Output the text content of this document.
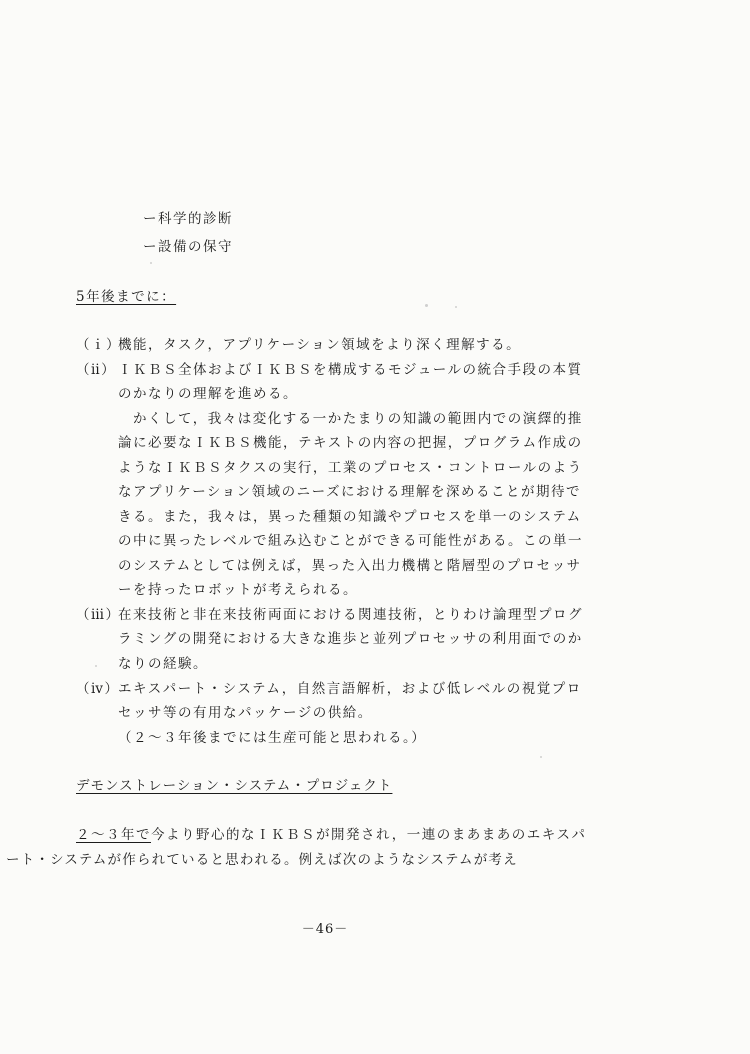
ー科学的診断
ー設備の保守
5年後までに：
（ｉ）
機能，タスク，アプリケーション領域をより深く理解する。
（ⅱ） ＩＫＢＳ全体およびＩＫＢＳを構成するモジュールの統合手段の本質
のかなりの理解を進める。
　かくして，我々は変化する一かたまりの知識の範囲内での演繹的推
論に必要なＩＫＢＳ機能，テキストの内容の把握，プログラム作成の
ようなＩＫＢＳタクスの実行，工業のプロセス・コントロールのよう
なアプリケーション領域のニーズにおける理解を深めることが期待で
きる。また，我々は，異った種類の知識やプロセスを単一のシステム
の中に異ったレベルで組み込むことができる可能性がある。この単一
のシステムとしては例えば，異った入出力機構と階層型のプロセッサ
ーを持ったロボットが考えられる。
（ⅲ）
在来技術と非在来技術両面における関連技術，とりわけ論理型プログ
ラミングの開発における大きな進歩と並列プロセッサの利用面でのか
なりの経験。
（ⅳ）
エキスパート・システム，自然言語解析，および低レベルの視覚プロ
セッサ等の有用なパッケージの供給。
（２～３年後までには生産可能と思われる。）
デモンストレーション・システム・プロジェクト
２～３年で今より野心的なＩＫＢＳが開発され，一連のまあまあのエキスパ
ート・システムが作られていると思われる。例えば次のようなシステムが考え
－46－
